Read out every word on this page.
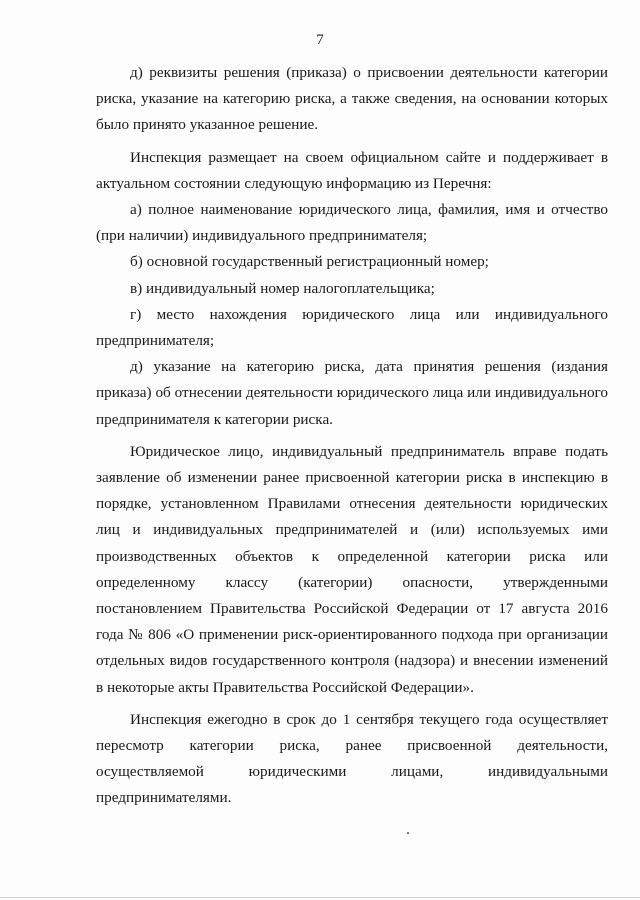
7

д) реквизиты решения (приказа) о присвоении деятельности категории риска, указание на категорию риска, а также сведения, на основании которых было принято указанное решение.

Инспекция размещает на своем официальном сайте и поддерживает в актуальном состоянии следующую информацию из Перечня:

а) полное наименование юридического лица, фамилия, имя и отчество (при наличии) индивидуального предпринимателя;

б) основной государственный регистрационный номер;

в) индивидуальный номер налогоплательщика;

г) место нахождения юридического лица или индивидуального предпринимателя;

д) указание на категорию риска, дата принятия решения (издания приказа) об отнесении деятельности юридического лица или индивидуального предпринимателя к категории риска.

Юридическое лицо, индивидуальный предприниматель вправе подать заявление об изменении ранее присвоенной категории риска в инспекцию в порядке, установленном Правилами отнесения деятельности юридических лиц и индивидуальных предпринимателей и (или) используемых ими производственных объектов к определенной категории риска или определенному классу (категории) опасности, утвержденными постановлением Правительства Российской Федерации от 17 августа 2016 года № 806 «О применении риск-ориентированного подхода при организации отдельных видов государственного контроля (надзора) и внесении изменений в некоторые акты Правительства Российской Федерации».

Инспекция ежегодно в срок до 1 сентября текущего года осуществляет пересмотр категории риска, ранее присвоенной деятельности, осуществляемой юридическими лицами, индивидуальными предпринимателями.
